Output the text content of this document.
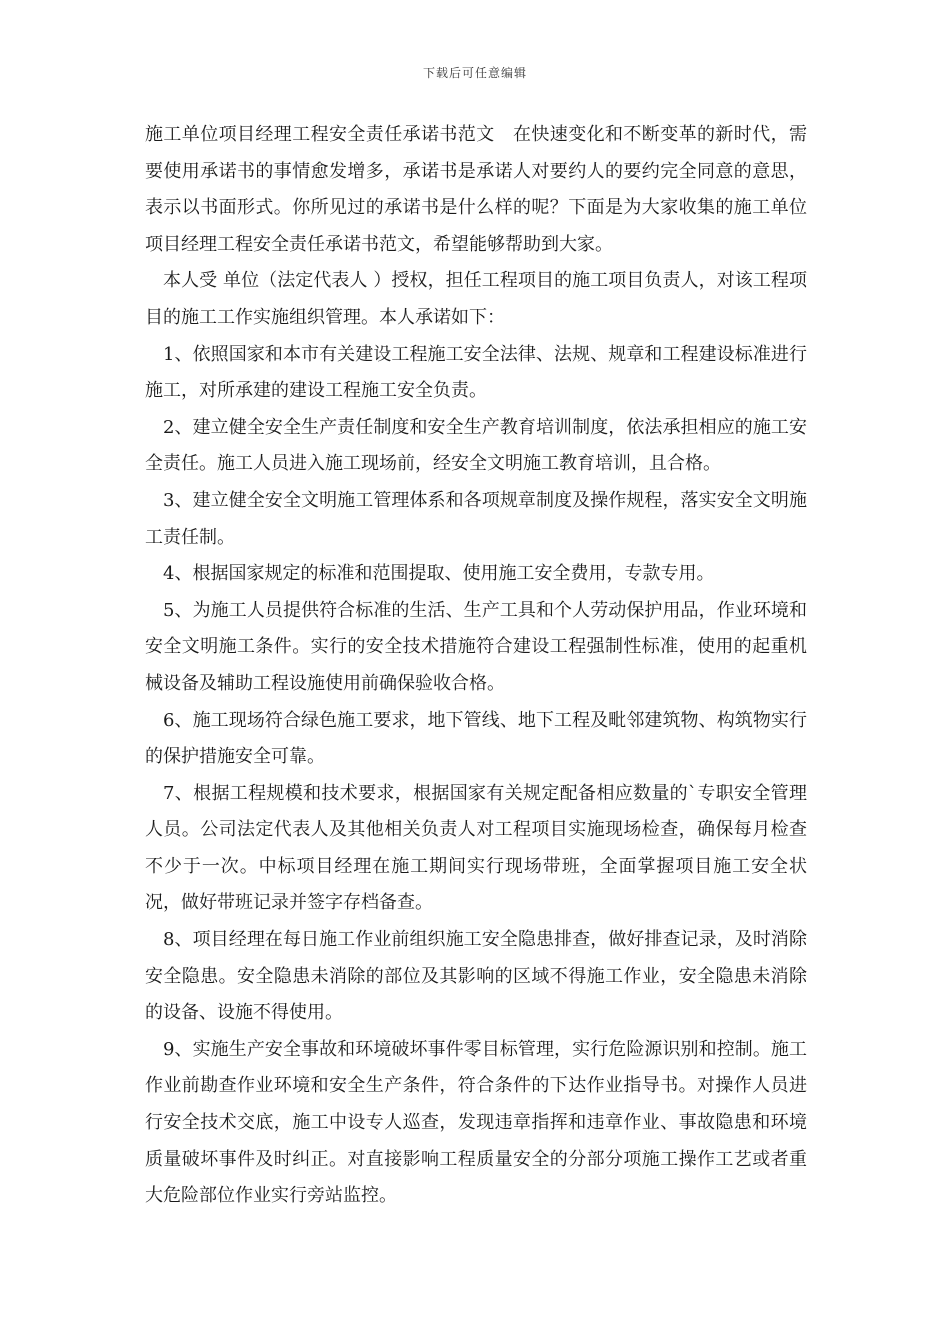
下载后可任意编辑

施工单位项目经理工程安全责任承诺书范文　在快速变化和不断变革的新时代，需要使用承诺书的事情愈发增多，承诺书是承诺人对要约人的要约完全同意的意思，表示以书面形式。你所见过的承诺书是什么样的呢？下面是为大家收集的施工单位项目经理工程安全责任承诺书范文，希望能够帮助到大家。

本人受 单位（法定代表人 ）授权，担任工程项目的施工项目负责人，对该工程项目的施工工作实施组织管理。本人承诺如下：

1、依照国家和本市有关建设工程施工安全法律、法规、规章和工程建设标准进行施工，对所承建的建设工程施工安全负责。

2、建立健全安全生产责任制度和安全生产教育培训制度，依法承担相应的施工安全责任。施工人员进入施工现场前，经安全文明施工教育培训，且合格。

3、建立健全安全文明施工管理体系和各项规章制度及操作规程，落实安全文明施工责任制。

4、根据国家规定的标准和范围提取、使用施工安全费用，专款专用。

5、为施工人员提供符合标准的生活、生产工具和个人劳动保护用品，作业环境和安全文明施工条件。实行的安全技术措施符合建设工程强制性标准，使用的起重机械设备及辅助工程设施使用前确保验收合格。

6、施工现场符合绿色施工要求，地下管线、地下工程及毗邻建筑物、构筑物实行的保护措施安全可靠。

7、根据工程规模和技术要求，根据国家有关规定配备相应数量的`专职安全管理人员。公司法定代表人及其他相关负责人对工程项目实施现场检查，确保每月检查不少于一次。中标项目经理在施工期间实行现场带班，全面掌握项目施工安全状况，做好带班记录并签字存档备查。

8、项目经理在每日施工作业前组织施工安全隐患排查，做好排查记录，及时消除安全隐患。安全隐患未消除的部位及其影响的区域不得施工作业，安全隐患未消除的设备、设施不得使用。

9、实施生产安全事故和环境破坏事件零目标管理，实行危险源识别和控制。施工作业前勘查作业环境和安全生产条件，符合条件的下达作业指导书。对操作人员进行安全技术交底，施工中设专人巡查，发现违章指挥和违章作业、事故隐患和环境质量破坏事件及时纠正。对直接影响工程质量安全的分部分项施工操作工艺或者重大危险部位作业实行旁站监控。
